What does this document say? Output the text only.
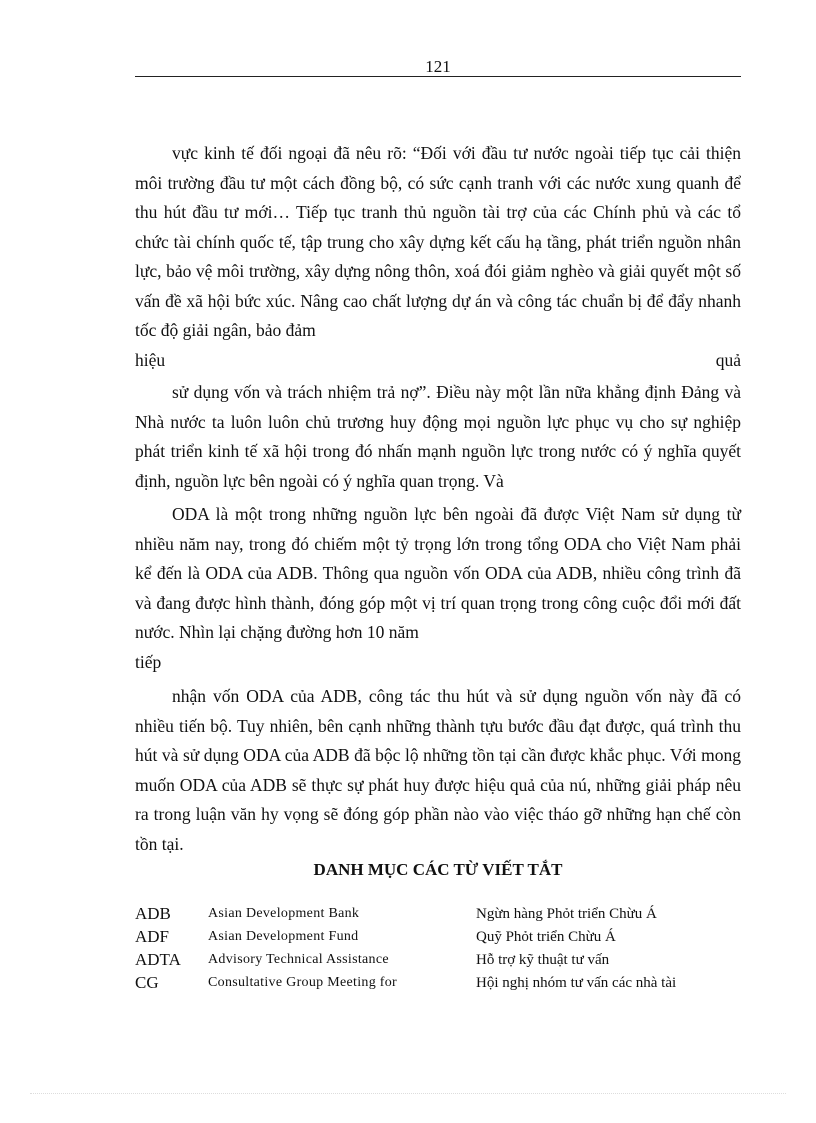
121
vực kinh tế đối ngoại đã nêu rõ: “Đối với đầu tư nước ngoài tiếp tục cải thiện môi trường đầu tư một cách đồng bộ, có sức cạnh tranh với các nước xung quanh để thu hút đầu tư mới… Tiếp tục tranh thủ nguồn tài trợ của các Chính phủ và các tổ chức tài chính quốc tế, tập trung cho xây dựng kết cấu hạ tầng, phát triển nguồn nhân lực, bảo vệ môi trường, xây dựng nông thôn, xoá đói giảm nghèo và giải quyết một số vấn đề xã hội bức xúc. Nâng cao chất lượng dự án và công tác chuẩn bị để đẩy nhanh tốc độ giải ngân, bảo đảm
hiệu quả
sử dụng vốn và trách nhiệm trả nợ”. Điều này một lần nữa khẳng định Đảng và Nhà nước ta luôn luôn chủ trương huy động mọi nguồn lực phục vụ cho sự nghiệp phát triển kinh tế xã hội trong đó nhấn mạnh nguồn lực trong nước có ý nghĩa quyết định, nguồn lực bên ngoài có ý nghĩa quan trọng. Và
ODA là một trong những nguồn lực bên ngoài đã được Việt Nam sử dụng từ nhiều năm nay, trong đó chiếm một tỷ trọng lớn trong tổng ODA cho Việt Nam phải kể đến là ODA của ADB. Thông qua nguồn vốn ODA của ADB, nhiều công trình đã và đang được hình thành, đóng góp một vị trí quan trọng trong công cuộc đổi mới đất nước. Nhìn lại chặng đường hơn 10 năm
tiếp
nhận vốn ODA của ADB, công tác thu hút và sử dụng nguồn vốn này đã có nhiều tiến bộ. Tuy nhiên, bên cạnh những thành tựu bước đầu đạt được, quá trình thu hút và sử dụng ODA của ADB đã bộc lộ những tồn tại cần được khắc phục. Với mong muốn ODA của ADB sẽ thực sự phát huy được hiệu quả của nú, những giải pháp nêu ra trong luận văn hy vọng sẽ đóng góp phần nào vào việc tháo gỡ những hạn chế còn tồn tại.
DANH MỤC CÁC TỪ VIẾT TẮT
ADB	Asian Development Bank	Ngừn hàng Phỏt triển Chừu Á
ADF	Asian Development Fund	Quỹ Phỏt triển Chừu Á
ADTA Advisory Technical Assistance	Hỗ trợ kỹ thuật tư vấn
CG	Consultative Group Meeting for	Hội nghị nhóm tư vấn các nhà tài
